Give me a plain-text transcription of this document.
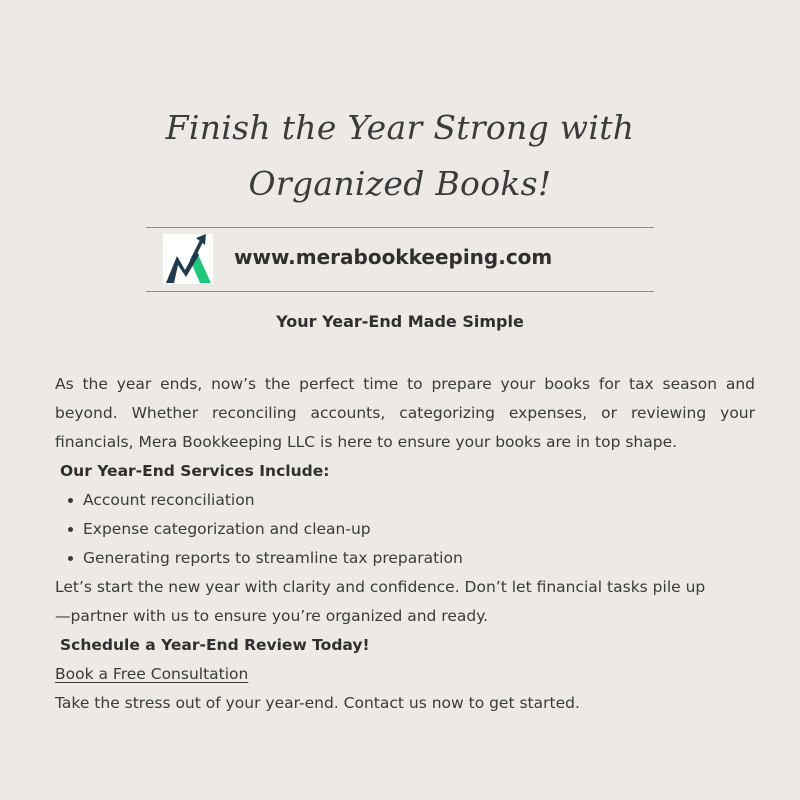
Finish the Year Strong with
Organized Books!
www.merabookkeeping.com
Your Year-End Made Simple

As the year ends, now’s the perfect time to prepare your books for tax season and beyond. Whether reconciling accounts, categorizing expenses, or reviewing your financials, Mera Bookkeeping LLC is here to ensure your books are in top shape.

Our Year-End Services Include:

Account reconciliation
Expense categorization and clean-up
Generating reports to streamline tax preparation

Let’s start the new year with clarity and confidence. Don’t let financial tasks pile up

—partner with us to ensure you’re organized and ready.

Schedule a Year-End Review Today!

Book a Free Consultation

Take the stress out of your year-end. Contact us now to get started.
